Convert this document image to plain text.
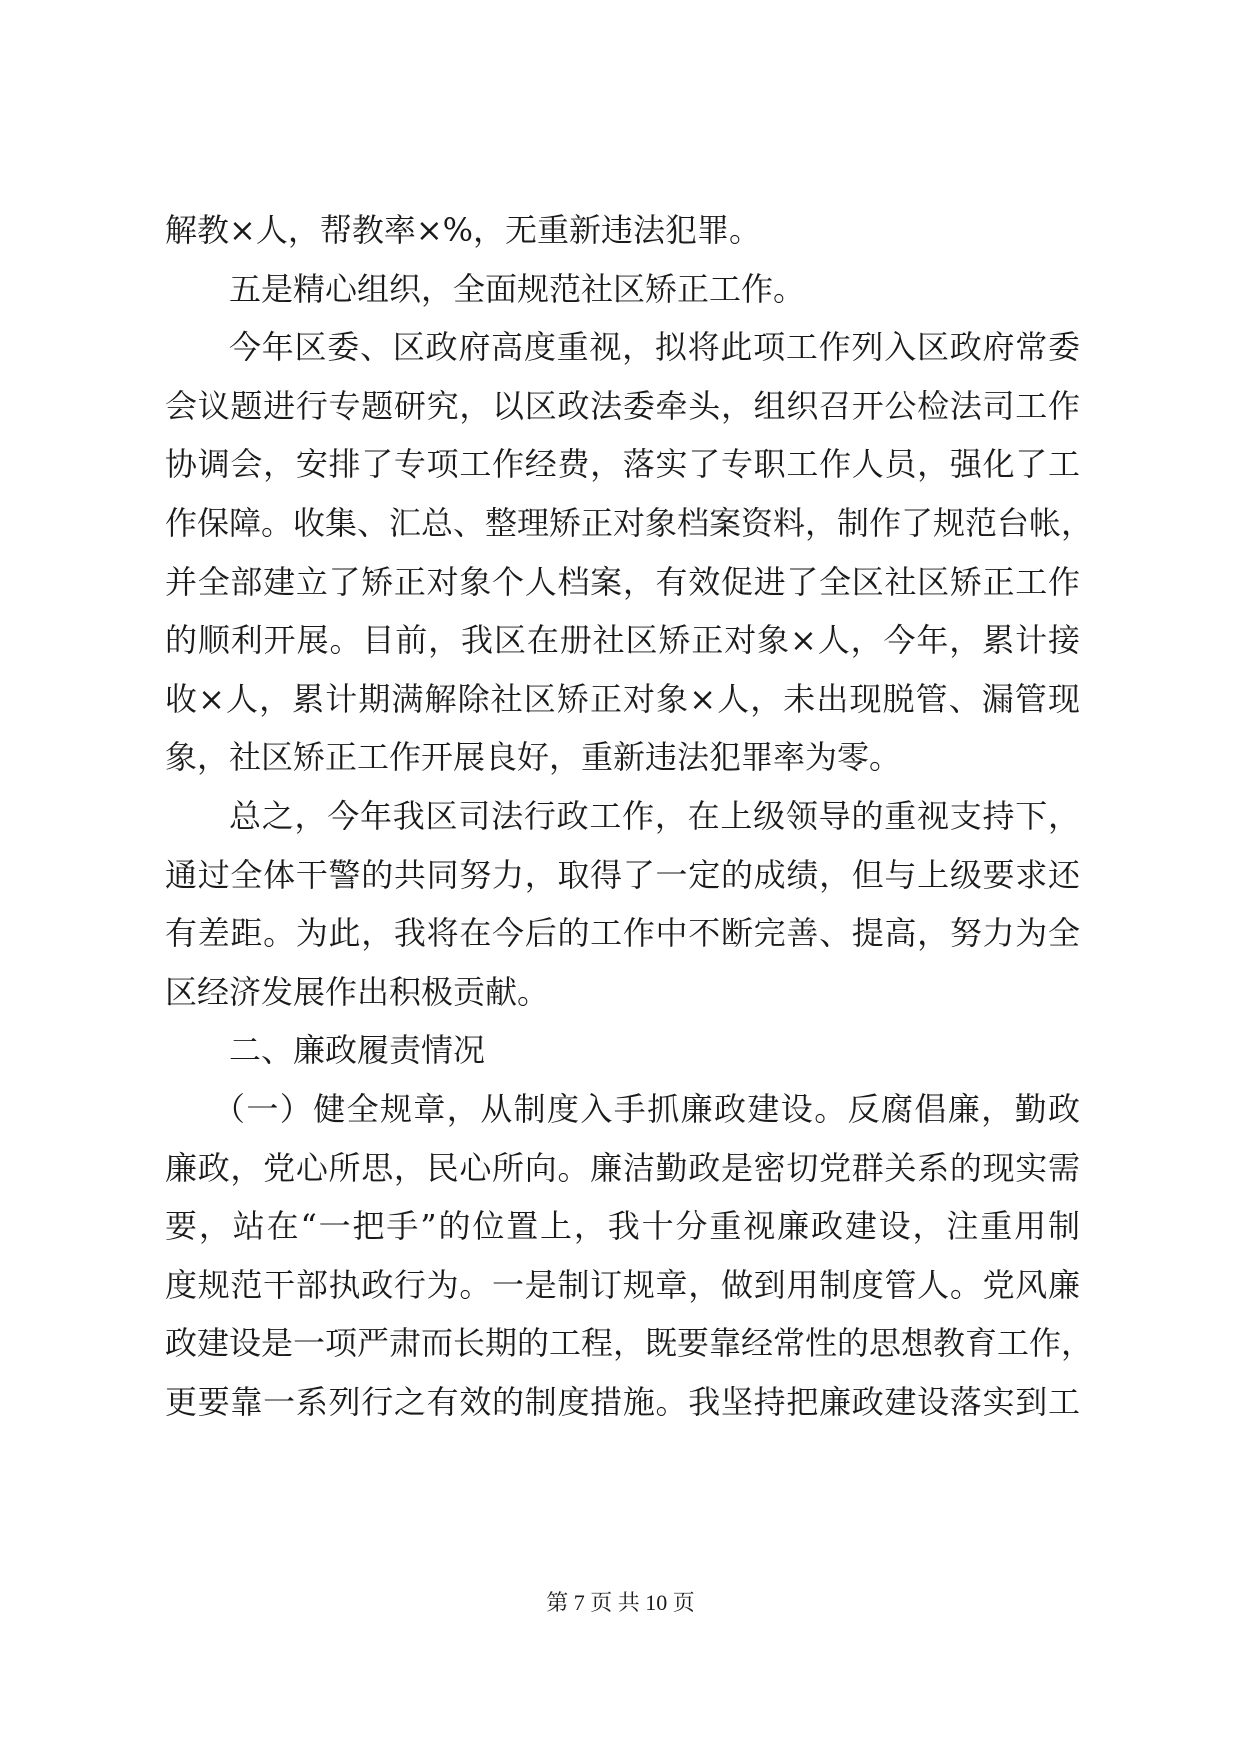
解教×人，帮教率×%，无重新违法犯罪。
五是精心组织，全面规范社区矫正工作。
今年区委、区政府高度重视，拟将此项工作列入区政府常委
会议题进行专题研究，以区政法委牵头，组织召开公检法司工作
协调会，安排了专项工作经费，落实了专职工作人员，强化了工
作保障。收集、汇总、整理矫正对象档案资料，制作了规范台帐，
并全部建立了矫正对象个人档案，有效促进了全区社区矫正工作
的顺利开展。目前，我区在册社区矫正对象×人，今年，累计接
收×人，累计期满解除社区矫正对象×人，未出现脱管、漏管现
象，社区矫正工作开展良好，重新违法犯罪率为零。
总之，今年我区司法行政工作，在上级领导的重视支持下，
通过全体干警的共同努力，取得了一定的成绩，但与上级要求还
有差距。为此，我将在今后的工作中不断完善、提高，努力为全
区经济发展作出积极贡献。
二、廉政履责情况
（一）健全规章，从制度入手抓廉政建设。反腐倡廉，勤政
廉政，党心所思，民心所向。廉洁勤政是密切党群关系的现实需
要，站在“一把手”的位置上，我十分重视廉政建设，注重用制
度规范干部执政行为。一是制订规章，做到用制度管人。党风廉
政建设是一项严肃而长期的工程，既要靠经常性的思想教育工作，
更要靠一系列行之有效的制度措施。我坚持把廉政建设落实到工
第 7 页 共 10 页
